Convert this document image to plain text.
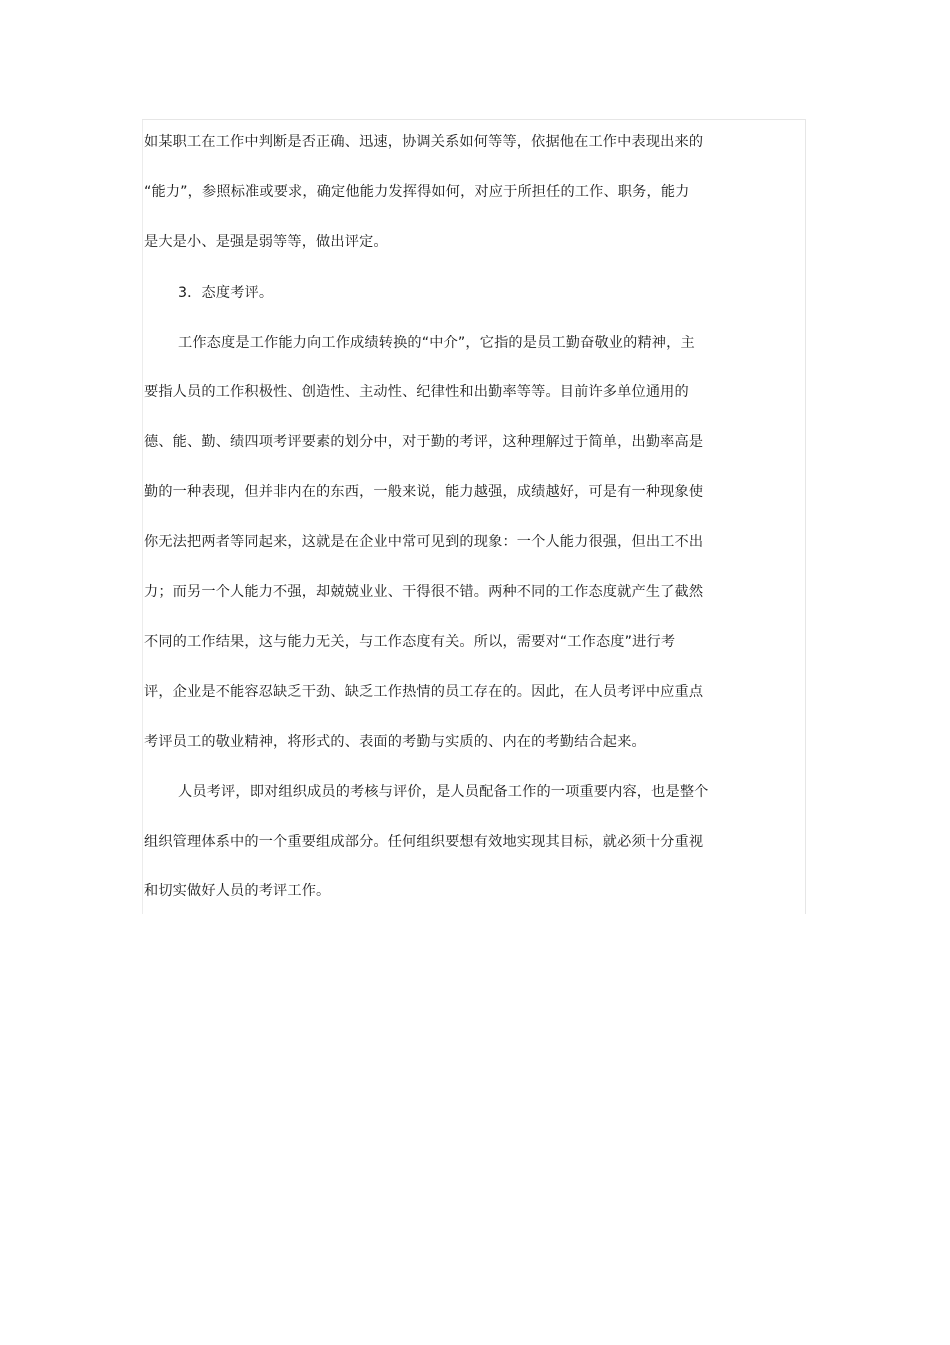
如某职工在工作中判断是否正确、迅速，协调关系如何等等，依据他在工作中表现出来的
“能力”，参照标准或要求，确定他能力发挥得如何，对应于所担任的工作、职务，能力
是大是小、是强是弱等等，做出评定。
3．态度考评。
工作态度是工作能力向工作成绩转换的“中介”，它指的是员工勤奋敬业的精神，主
要指人员的工作积极性、创造性、主动性、纪律性和出勤率等等。目前许多单位通用的
德、能、勤、绩四项考评要素的划分中，对于勤的考评，这种理解过于简单，出勤率高是
勤的一种表现，但并非内在的东西，一般来说，能力越强，成绩越好，可是有一种现象使
你无法把两者等同起来，这就是在企业中常可见到的现象：一个人能力很强，但出工不出
力；而另一个人能力不强，却兢兢业业、干得很不错。两种不同的工作态度就产生了截然
不同的工作结果，这与能力无关，与工作态度有关。所以，需要对“工作态度”进行考
评，企业是不能容忍缺乏干劲、缺乏工作热情的员工存在的。因此，在人员考评中应重点
考评员工的敬业精神，将形式的、表面的考勤与实质的、内在的考勤结合起来。
人员考评，即对组织成员的考核与评价，是人员配备工作的一项重要内容，也是整个
组织管理体系中的一个重要组成部分。任何组织要想有效地实现其目标，就必须十分重视
和切实做好人员的考评工作。
